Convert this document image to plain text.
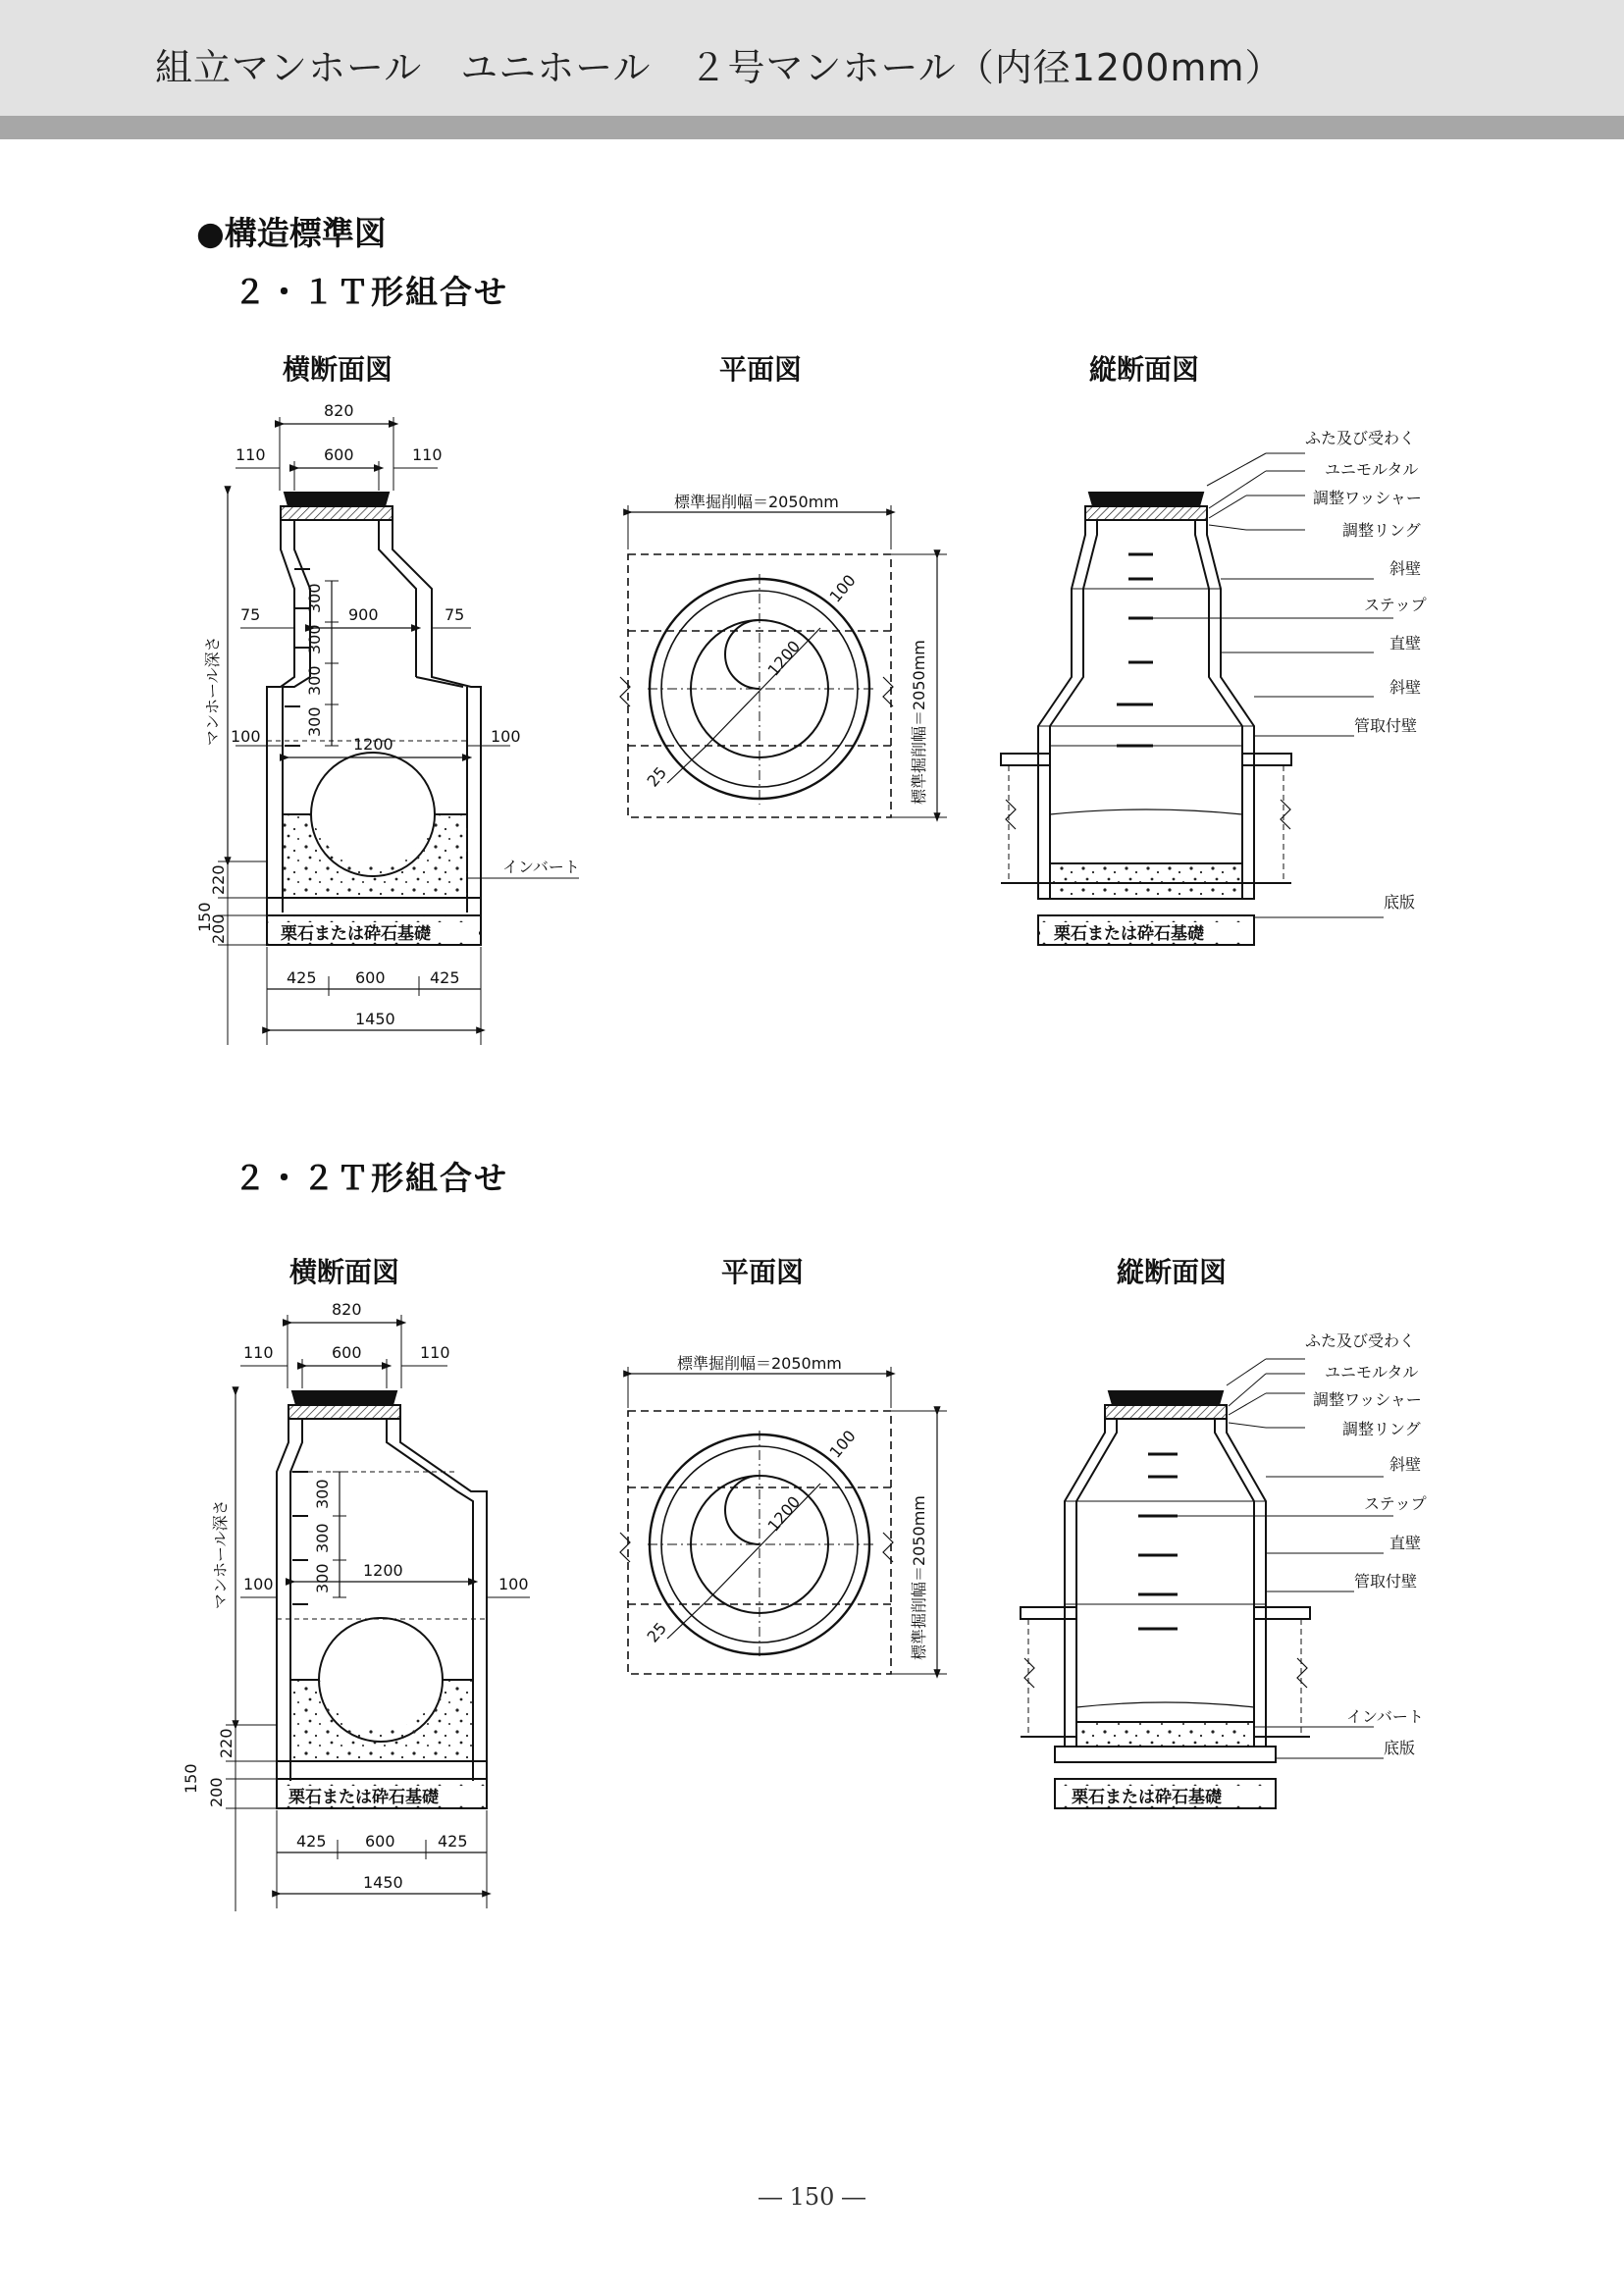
組立マンホール　ユニホール　２号マンホール（内径1200mm）
●構造標準図
２・１Ｔ形組合せ
横断面図	平面図	縦断面図
２・２Ｔ形組合せ
横断面図	平面図	縦断面図
820
600
110	110
75	75
900
100	100
1200
300
300
300
300
マンホール深さ
220
150
200
インバート
栗石または砕石基礎
425 600	425
1450
標準掘削幅＝2050mm
標準掘削幅＝2050mm
100
1200
25
ふた及び受わく
ユニモルタル
調整ワッシャー
調整リング
斜壁
ステップ
直壁
斜壁
管取付壁
底版
栗石または砕石基礎
820
600
110	110
100	100
1200
300
300
300
マンホール深さ
220
150 200	栗石または砕石基礎
425 600	425
1450
標準掘削幅＝2050mm
標準掘削幅＝2050mm
100
1200
25
ふた及び受わく
ユニモルタル
調整ワッシャー
調整リング
斜壁
ステップ
直壁
管取付壁
インバート
底版
栗石または砕石基礎
― 150 ―
